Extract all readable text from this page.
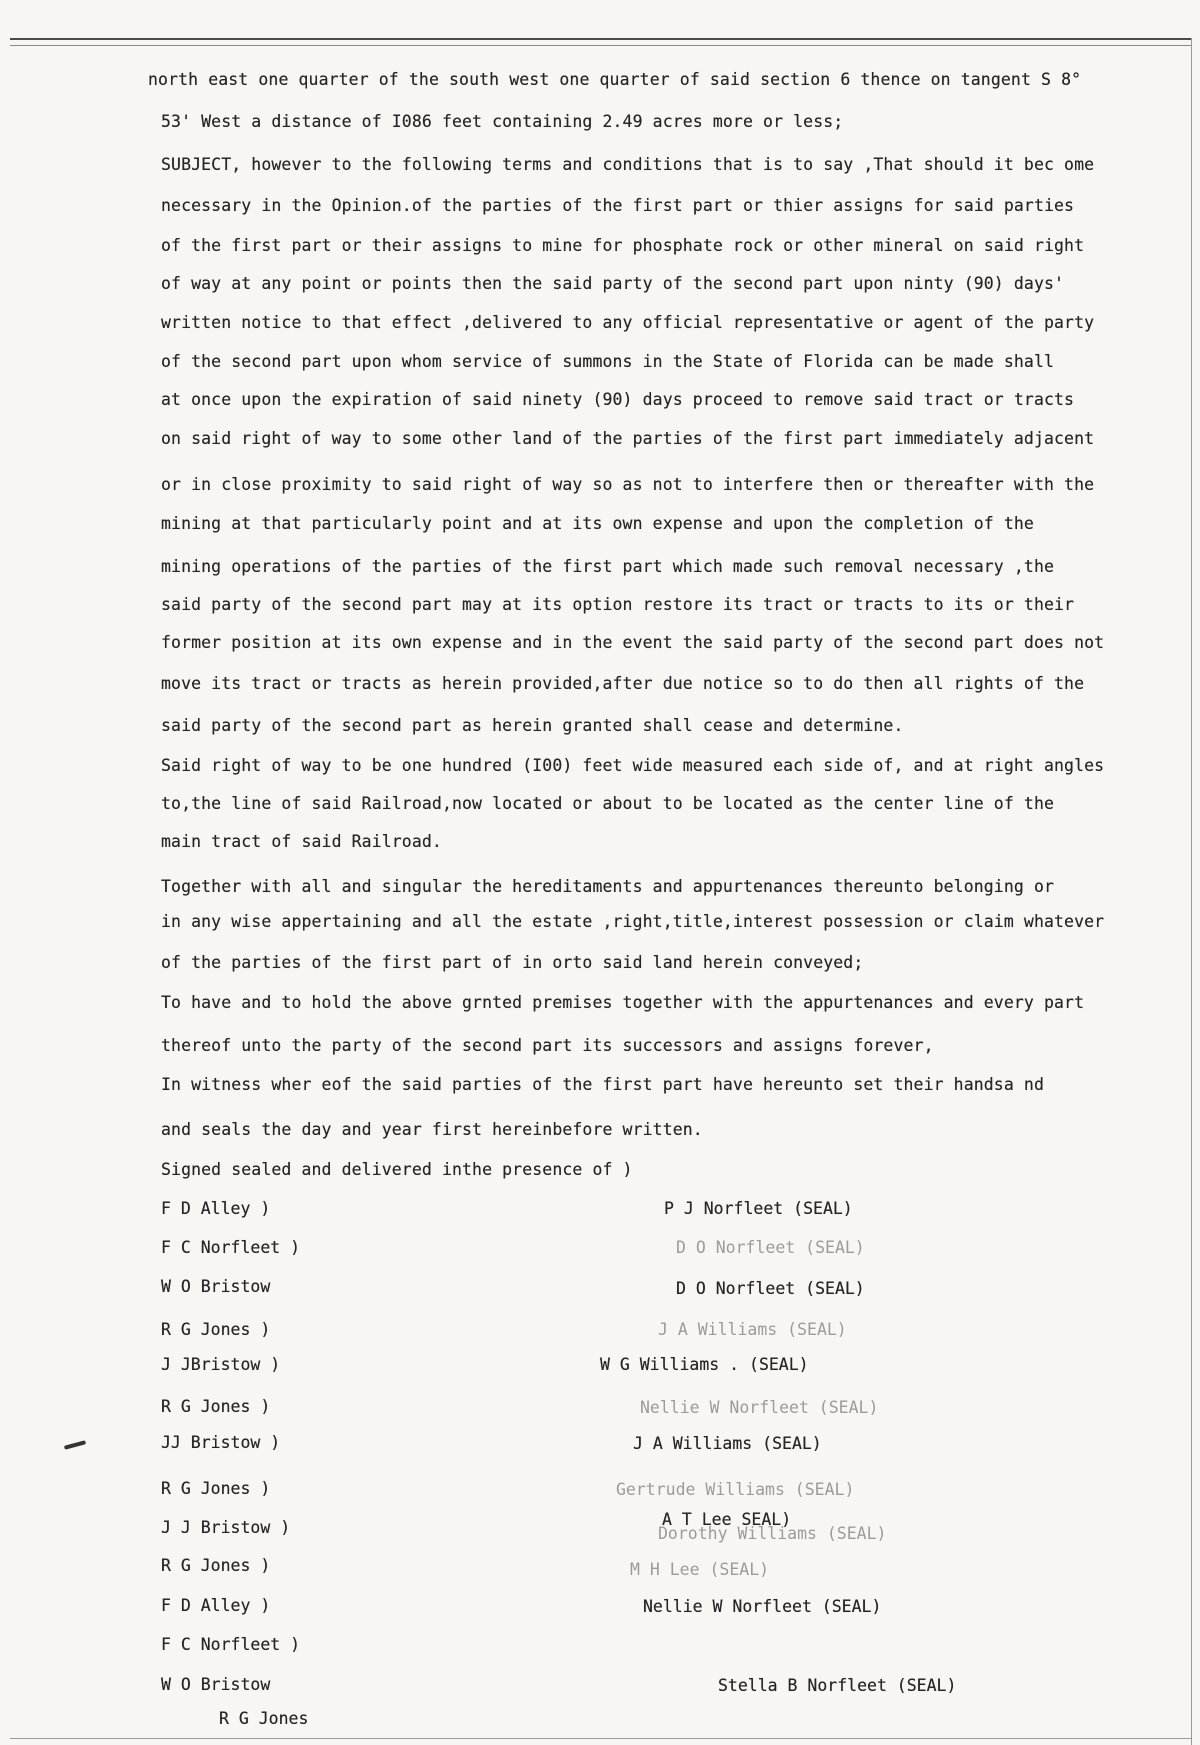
north east one quarter of the south west one quarter of said section 6 thence on tangent S 8°
53' West a distance of I086 feet containing 2.49 acres more or less;
SUBJECT, however to the following terms and conditions that is to say ,That should it bec ome
necessary in the Opinion.of the parties of the first part or thier assigns for said parties
of the first part or their assigns to mine for phosphate rock or other mineral on said right
of way at any point or points then the said party of the second part upon ninty (90) days'
written notice to that effect ,delivered to any official representative or agent of the party
of the second part upon whom service of summons in the State of Florida can be made shall
at once upon the expiration of said ninety (90) days proceed to remove said tract or tracts
on said right of way to some other land of the parties of the first part immediately adjacent
or in close proximity to said right of way so as not to interfere then or thereafter with the
mining at that particularly point and at its own expense and upon the completion of the
mining operations of the parties of the first part which made such removal necessary ,the
said party of the second part may at its option restore its tract or tracts to its or their
former position at its own expense and in the event the said party of the second part does not
move its tract or tracts as herein provided,after due notice so to do then all rights of the
said party of the second part as herein granted shall cease and determine.
Said right of way to be one hundred (I00) feet wide measured each side of, and at right angles
to,the line of said Railroad,now located or about to be located as the center line of the
main tract of said Railroad.
Together with all and singular the hereditaments and appurtenances thereunto belonging or
in any wise appertaining and all the estate ,right,title,interest possession or claim whatever
of the parties of the first part of in orto said land herein conveyed;
To have and to hold the above grnted premises together with the appurtenances and every part
thereof unto the party of the second part its successors and assigns forever,
In witness wher eof the said parties of the first part have hereunto set their handsa nd
and seals the day and year first hereinbefore written.
Signed sealed and delivered inthe presence of )
F D Alley )
F C Norfleet )
W O Bristow
R G Jones )
J JBristow )
R G Jones )
JJ Bristow )
R G Jones )
J J Bristow )
R G Jones )
F D Alley )
F C Norfleet )
W O Bristow
R G Jones
P J Norfleet (SEAL)
D O Norfleet (SEAL)
D O Norfleet (SEAL)
J A Williams (SEAL)
W G Williams . (SEAL)
Nellie W Norfleet (SEAL)
J A Williams (SEAL)
Gertrude Williams (SEAL)
A T Lee SEAL)
Dorothy Williams (SEAL)
M H Lee (SEAL)
Nellie W Norfleet (SEAL)
Stella B Norfleet (SEAL)
